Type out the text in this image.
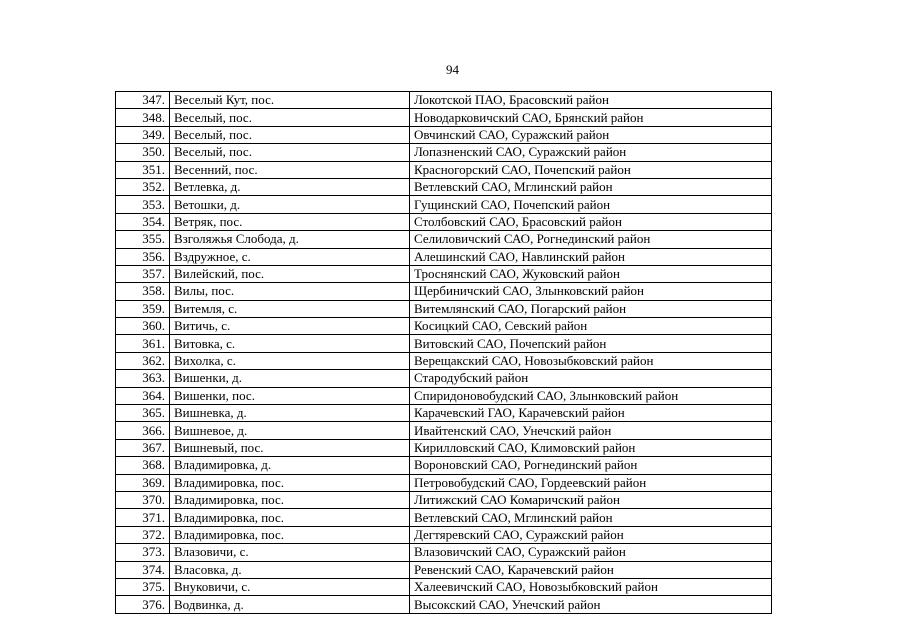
94
347.	Веселый Кут, пос.	Локотской ПАО, Брасовский район
348.	Веселый, пос.	Новодарковичский САО, Брянский район
349.	Веселый, пос.	Овчинский САО, Суражский район
350.	Веселый, пос.	Лопазненский САО, Суражский район
351.	Весенний, пос.	Красногорский САО, Почепский район
352.	Ветлевка, д.	Ветлевский САО, Мглинский район
353.	Ветошки, д.	Гущинский САО, Почепский район
354.	Ветряк, пос.	Столбовский САО, Брасовский район
355.	Взголяжья Слобода, д.	Селиловичский САО, Рогнединский район
356.	Вздружное, с.	Алешинский САО, Навлинский район
357.	Вилейский, пос.	Троснянский САО, Жуковский район
358.	Вилы, пос.	Щербиничский САО, Злынковский район
359.	Витемля, с.	Витемлянский САО, Погарский район
360.	Витичь, с.	Косицкий САО, Севский район
361.	Витовка, с.	Витовский САО, Почепский район
362.	Вихолка, с.	Верещакский САО, Новозыбковский район
363.	Вишенки, д.	Стародубский район
364.	Вишенки, пос.	Спиридоновобудский САО, Злынковский район
365.	Вишневка, д.	Карачевский ГАО, Карачевский район
366.	Вишневое, д.	Ивайтенский САО, Унечский район
367.	Вишневый, пос.	Кирилловский САО, Климовский район
368.	Владимировка, д.	Вороновский САО, Рогнединский район
369.	Владимировка, пос.	Петровобудский САО, Гордеевский район
370.	Владимировка, пос.	Литижский САО Комаричский район
371.	Владимировка, пос.	Ветлевский САО, Мглинский район
372.	Владимировка, пос.	Дегтяревский САО, Суражский район
373.	Влазовичи, с.	Влазовичский САО, Суражский район
374.	Власовка, д.	Ревенский САО, Карачевский район
375.	Внуковичи, с.	Халеевичский САО, Новозыбковский район
376.	Водвинка, д.	Высокский САО, Унечский район
